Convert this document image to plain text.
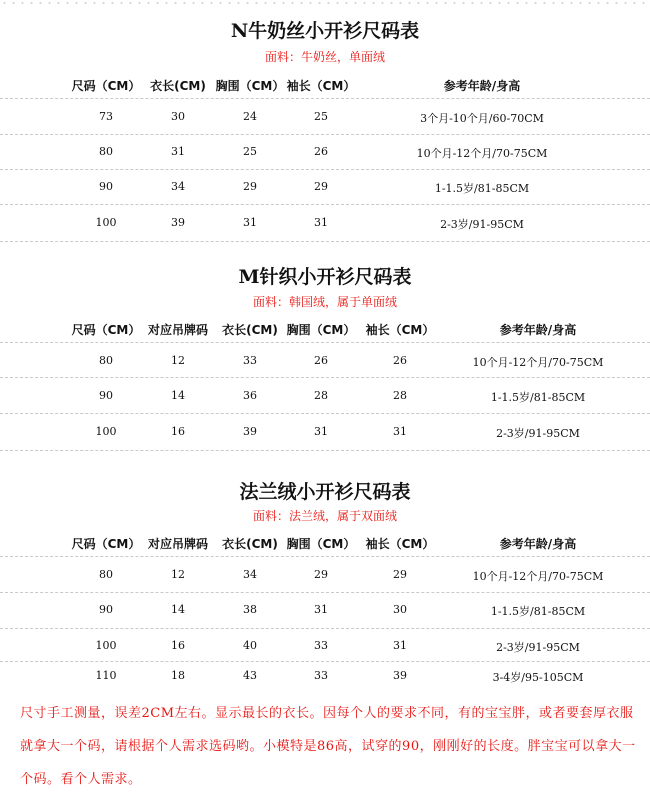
N牛奶丝小开衫尺码表
面料：牛奶丝，单面绒
尺码（CM） 衣长(CM) 胸围（CM） 袖长（CM）	参考年龄/身高
73	30	24	25	3个月-10个月/60-70CM
80	31	25	26	10个月-12个月/70-75CM
90	34	29	29	1-1.5岁/81-85CM
100	39	31	31	2-3岁/91-95CM
M针织小开衫尺码表
面料：韩国绒，属于单面绒
尺码（CM） 对应吊牌码 衣长(CM) 胸围（CM） 袖长（CM）	参考年龄/身高
80	12	33	26	26	10个月-12个月/70-75CM
90	14	36	28	28	1-1.5岁/81-85CM
100	16	39	31	31	2-3岁/91-95CM
法兰绒小开衫尺码表
面料：法兰绒，属于双面绒
尺码（CM） 对应吊牌码 衣长(CM) 胸围（CM） 袖长（CM）	参考年龄/身高
80	12	34	29	29	10个月-12个月/70-75CM
90	14	38	31	30	1-1.5岁/81-85CM
100	16	40	33	31	2-3岁/91-95CM
110	18	43	33	39	3-4岁/95-105CM

尺寸手工测量，误差2CM左右。显示最长的衣长。因每个人的要求不同，有的宝宝胖，或者要套厚衣服就拿大一个码，请根据个人需求选码哟。小模特是86高，试穿的90，刚刚好的长度。胖宝宝可以拿大一个码。看个人需求。
